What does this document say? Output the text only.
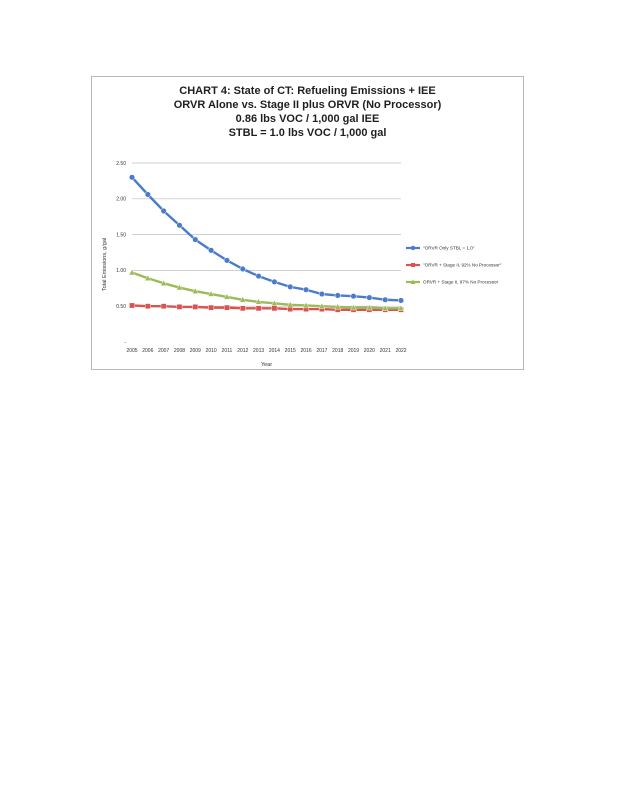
CHART 4: State of CT: Refueling Emissions + IEE
ORVR Alone vs. Stage II plus ORVR (No Processor)
0.86 lbs VOC / 1,000 gal IEE
STBL = 1.0 lbs VOC / 1,000 gal
-
0.50
1.00
1.50
2.00
2.50
2005 2006 2007 2008 2009 2010 2011 2012 2013 2014 2015 2016 2017 2018 2019 2020 2021 2022
Total Emissions, g/gal
Year
"ORVR Only STBL = 1.0"
"ORVR + Stage II, 92% No Processor"
ORVR + Stage II, 97% No Processor
